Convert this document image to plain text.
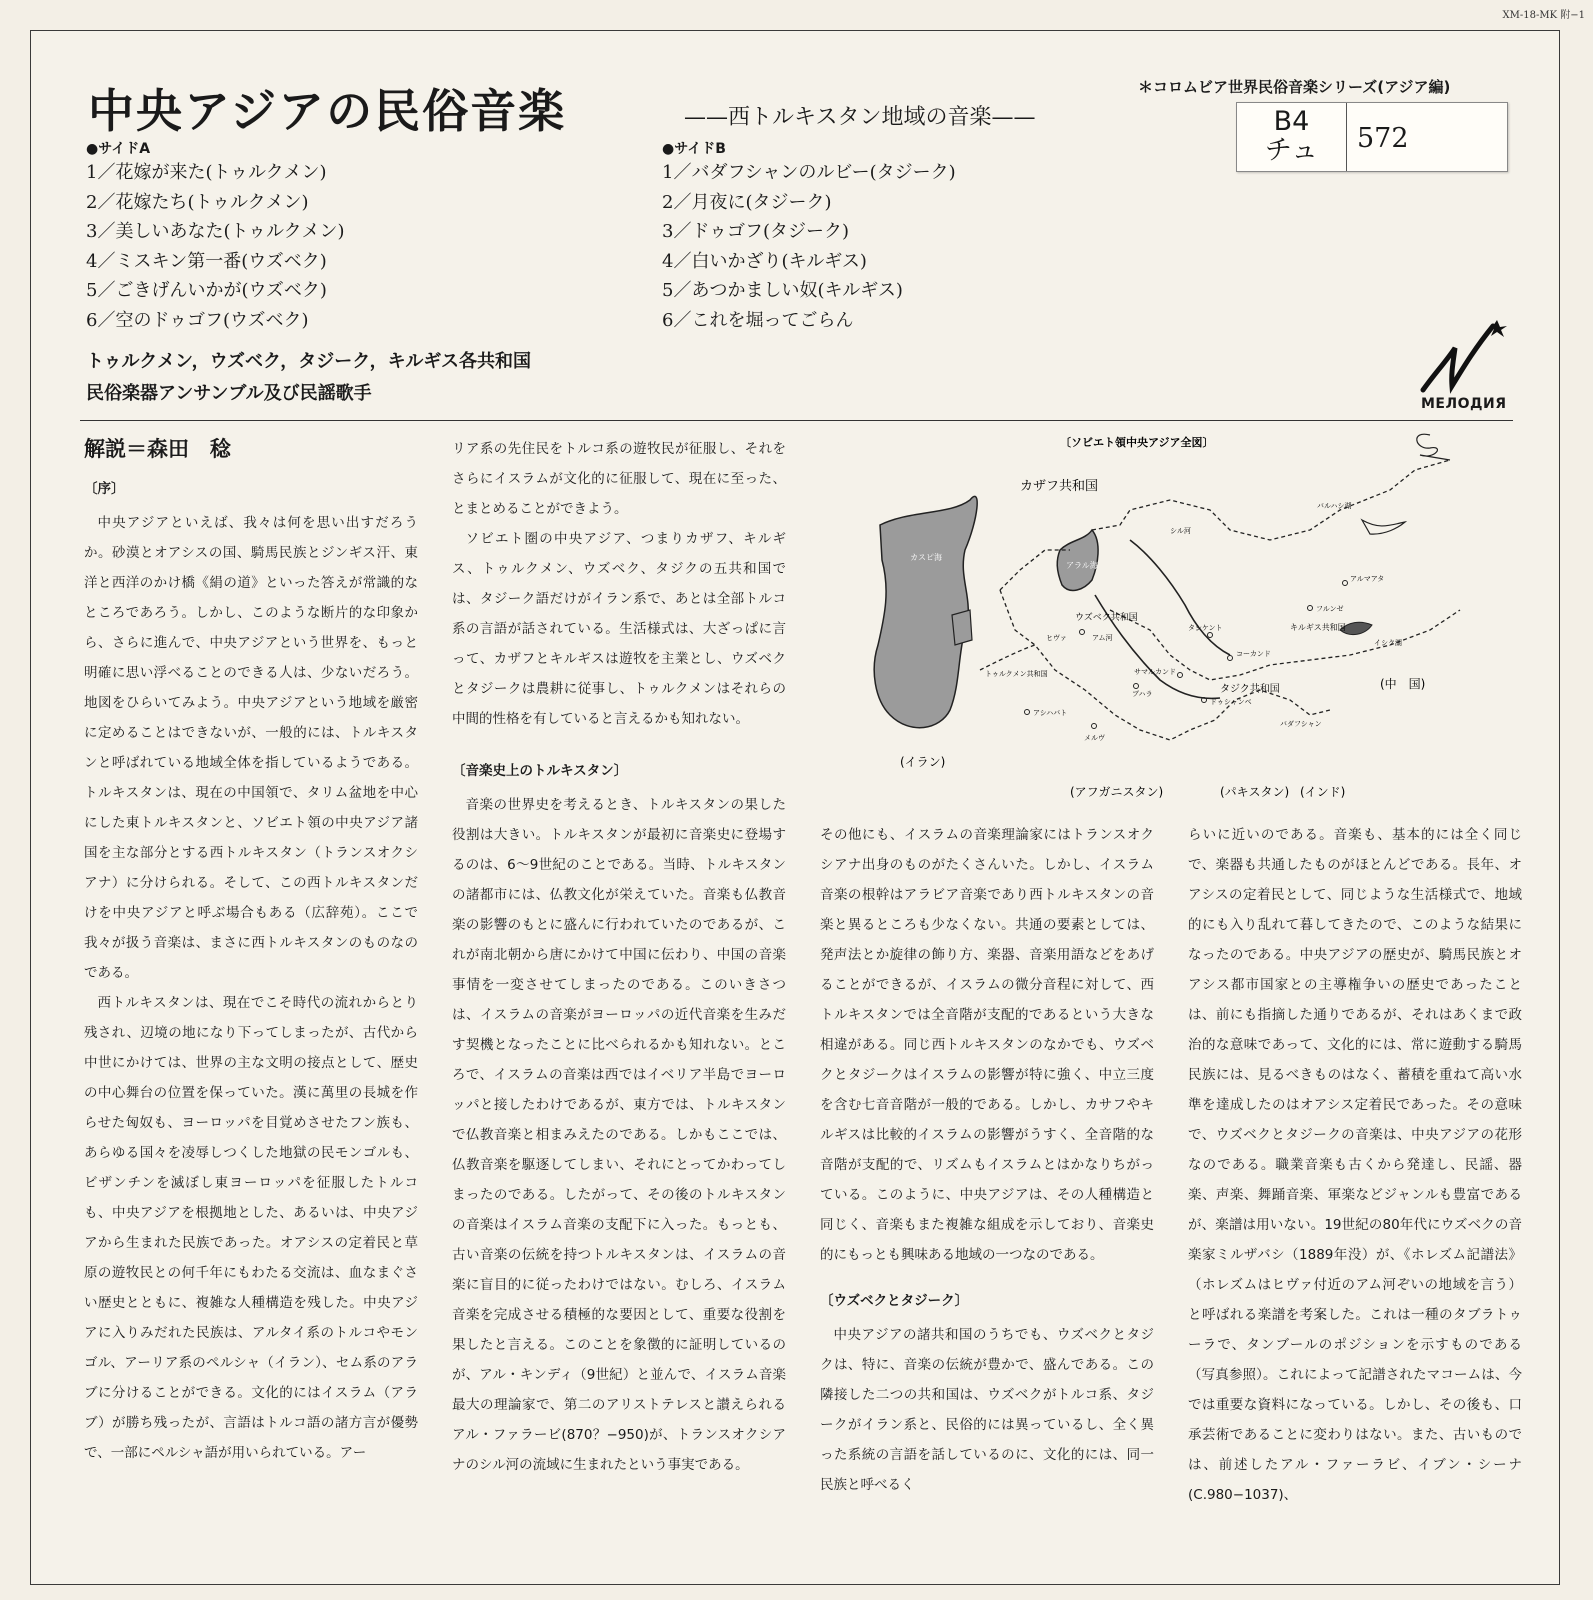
XM-18-MK 附−1
中央アジアの民俗音楽	——西トルキスタン地域の音楽——
＊コロムビア世界民俗音楽シリーズ(アジア編)
B4
チュ	572
●サイドA
1／花嫁が来た(トゥルクメン)
2／花嫁たち(トゥルクメン)
3／美しいあなた(トゥルクメン)
4／ミスキン第一番(ウズベク)
5／ごきげんいかが(ウズベク)
6／空のドゥゴフ(ウズベク)
●サイドB
1／バダフシャンのルビー(タジーク)
2／月夜に(タジーク)
3／ドゥゴフ(タジーク)
4／白いかざり(キルギス)
5／あつかましい奴(キルギス)
6／これを堀ってごらん
トゥルクメン，ウズベク，タジーク，キルギス各共和国
民俗楽器アンサンブル及び民謡歌手	МЕЛОДИЯ
解説＝森田　稔
〔序〕

中央アジアといえば、我々は何を思い出すだろうか。砂漠とオアシスの国、騎馬民族とジンギス汗、東洋と西洋のかけ橋《絹の道》といった答えが常識的なところであろう。しかし、このような断片的な印象から、さらに進んで、中央アジアという世界を、もっと明確に思い浮べることのできる人は、少ないだろう。地図をひらいてみよう。中央アジアという地域を厳密に定めることはできないが、一般的には、トルキスタンと呼ばれている地域全体を指しているようである。トルキスタンは、現在の中国領で、タリム盆地を中心にした東トルキスタンと、ソビエト領の中央アジア諸国を主な部分とする西トルキスタン（トランスオクシアナ）に分けられる。そして、この西トルキスタンだけを中央アジアと呼ぶ場合もある（広辞苑）。ここで我々が扱う音楽は、まさに西トルキスタンのものなのである。

西トルキスタンは、現在でこそ時代の流れからとり残され、辺境の地になり下ってしまったが、古代から中世にかけては、世界の主な文明の接点として、歴史の中心舞台の位置を保っていた。漢に萬里の長城を作らせた匈奴も、ヨーロッパを目覚めさせたフン族も、あらゆる国々を凌辱しつくした地獄の民モンゴルも、ビザンチンを滅ぼし東ヨーロッパを征服したトルコも、中央アジアを根拠地とした、あるいは、中央アジアから生まれた民族であった。オアシスの定着民と草原の遊牧民との何千年にもわたる交流は、血なまぐさい歴史とともに、複雑な人種構造を残した。中央アジアに入りみだれた民族は、アルタイ系のトルコやモンゴル、アーリア系のペルシャ（イラン）、セム系のアラブに分けることができる。文化的にはイスラム（アラブ）が勝ち残ったが、言語はトルコ語の諸方言が優勢で、一部にペルシャ語が用いられている。アー

リア系の先住民をトルコ系の遊牧民が征服し、それをさらにイスラムが文化的に征服して、現在に至った、とまとめることができよう。

ソビエト圏の中央アジア、つまりカザフ、キルギス、トゥルクメン、ウズベク、タジクの五共和国では、タジーク語だけがイラン系で、あとは全部トルコ系の言語が話されている。生活様式は、大ざっぱに言って、カザフとキルギスは遊牧を主業とし、ウズベクとタジークは農耕に従事し、トゥルクメンはそれらの中間的性格を有していると言えるかも知れない。

〔音楽史上のトルキスタン〕

音楽の世界史を考えるとき、トルキスタンの果した役割は大きい。トルキスタンが最初に音楽史に登場するのは、6〜9世紀のことである。当時、トルキスタンの諸都市には、仏教文化が栄えていた。音楽も仏教音楽の影響のもとに盛んに行われていたのであるが、これが南北朝から唐にかけて中国に伝わり、中国の音楽事情を一変させてしまったのである。このいきさつは、イスラムの音楽がヨーロッパの近代音楽を生みだす契機となったことに比べられるかも知れない。ところで、イスラムの音楽は西ではイベリア半島でヨーロッパと接したわけであるが、東方では、トルキスタンで仏教音楽と相まみえたのである。しかもここでは、仏教音楽を駆逐してしまい、それにとってかわってしまったのである。したがって、その後のトルキスタンの音楽はイスラム音楽の支配下に入った。もっとも、古い音楽の伝統を持つトルキスタンは、イスラムの音楽に盲目的に従ったわけではない。むしろ、イスラム音楽を完成させる積極的な要因として、重要な役割を果したと言える。このことを象徴的に証明しているのが、アル・キンディ（9世紀）と並んで、イスラム音楽最大の理論家で、第二のアリストテレスと讃えられるアル・ファラービ(870？−950)が、トランスオクシアナのシル河の流域に生まれたという事実である。

その他にも、イスラムの音楽理論家にはトランスオクシアナ出身のものがたくさんいた。しかし、イスラム音楽の根幹はアラビア音楽であり西トルキスタンの音楽と異るところも少なくない。共通の要素としては、発声法とか旋律の飾り方、楽器、音楽用語などをあげることができるが、イスラムの微分音程に対して、西トルキスタンでは全音階が支配的であるという大きな相違がある。同じ西トルキスタンのなかでも、ウズベクとタジークはイスラムの影響が特に強く、中立三度を含む七音音階が一般的である。しかし、カサフやキルギスは比較的イスラムの影響がうすく、全音階的な音階が支配的で、リズムもイスラムとはかなりちがっている。このように、中央アジアは、その人種構造と同じく、音楽もまた複雑な組成を示しており、音楽史的にもっとも興味ある地域の一つなのである。

〔ウズベクとタジーク〕

中央アジアの諸共和国のうちでも、ウズベクとタジクは、特に、音楽の伝統が豊かで、盛んである。この隣接した二つの共和国は、ウズベクがトルコ系、タジークがイラン系と、民俗的には異っているし、全く異った系統の言語を話しているのに、文化的には、同一民族と呼べるく

らいに近いのである。音楽も、基本的には全く同じで、楽器も共通したものがほとんどである。長年、オアシスの定着民として、同じような生活様式で、地域的にも入り乱れて暮してきたので、このような結果になったのである。中央アジアの歴史が、騎馬民族とオアシス都市国家との主導権争いの歴史であったことは、前にも指摘した通りであるが、それはあくまで政治的な意味であって、文化的には、常に遊動する騎馬民族には、見るべきものはなく、蓄積を重ねて高い水準を達成したのはオアシス定着民であった。その意味で、ウズベクとタジークの音楽は、中央アジアの花形なのである。職業音楽も古くから発達し、民謡、器楽、声楽、舞踊音楽、軍楽などジャンルも豊富であるが、楽譜は用いない。19世紀の80年代にウズベクの音楽家ミルザバシ（1889年没）が、《ホレズム記譜法》（ホレズムはヒヴァ付近のアム河ぞいの地域を言う）と呼ばれる楽譜を考案した。これは一種のタブラトゥーラで、タンブールのポジションを示すものである（写真参照）。これによって記譜されたマコームは、今では重要な資料になっている。しかし、その後も、口承芸術であることに変わりはない。また、古いものでは、前述したアル・ファーラビ、イブン・シーナ(C.980−1037)、

〔ソビエト領中央アジア全図〕
カスピ海
アラル海
バルハシ湖
イシク湖
シル河
アム河
カザフ共和国
ウズベク共和国
トゥルクメン共和国
キルギス共和国
タジク共和国
バダフシャン
ヒヴァ
タシケント
コーカンド
サマルカンド
ブハラ
ドゥシャンベ
アシハバト
メルヴ
アルマアタ
フルンゼ
(中　国)
(イラン)
(アフガニスタン)	(パキスタン) (インド)
